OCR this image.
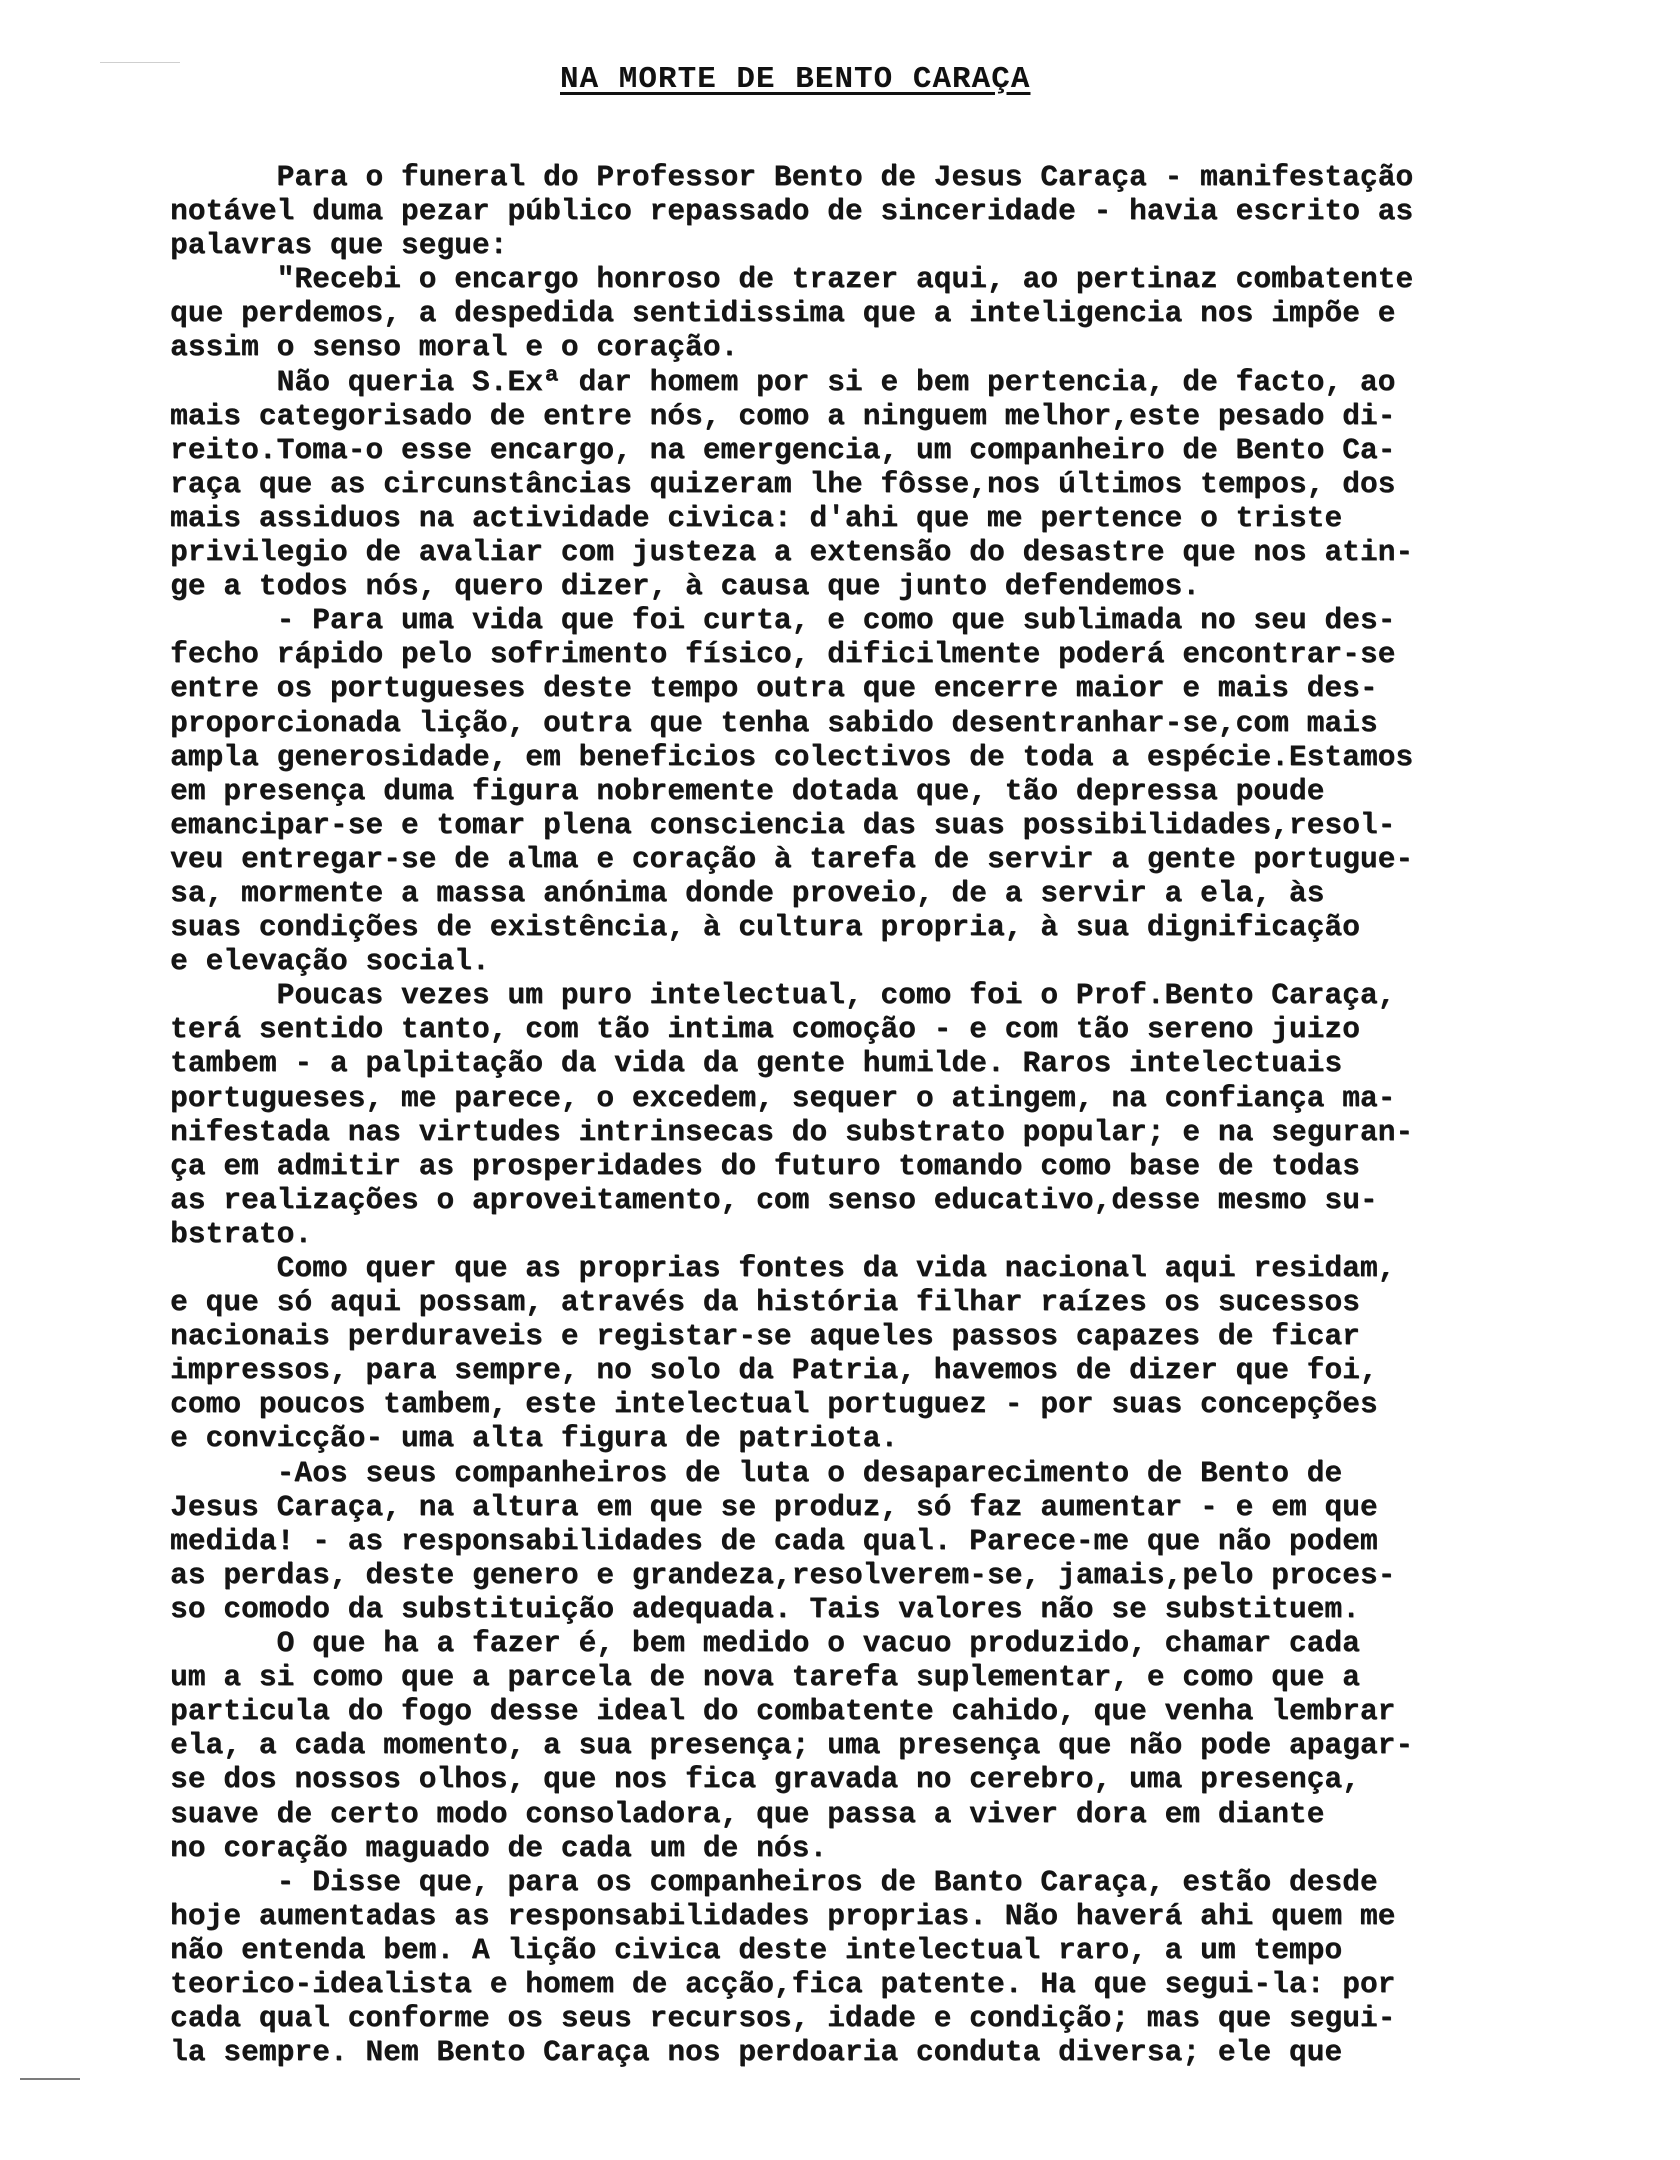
NA MORTE DE BENTO CARAÇA
Para o funeral do Professor Bento de Jesus Caraça - manifestação
notável duma pezar público repassado de sinceridade - havia escrito as
palavras que segue:
"Recebi o encargo honroso de trazer aqui, ao pertinaz combatente
que perdemos, a despedida sentidissima que a inteligencia nos impõe e
assim o senso moral e o coração.
Não queria S.Exª dar homem por si e bem pertencia, de facto, ao
mais categorisado de entre nós, como a ninguem melhor,este pesado di-
reito.Toma-o esse encargo, na emergencia, um companheiro de Bento Ca-
raça que as circunstâncias quizeram lhe fôsse,nos últimos tempos, dos
mais assiduos na actividade civica: d'ahi que me pertence o triste
privilegio de avaliar com justeza a extensão do desastre que nos atin-
ge a todos nós, quero dizer, à causa que junto defendemos.
- Para uma vida que foi curta, e como que sublimada no seu des-
fecho rápido pelo sofrimento físico, dificilmente poderá encontrar-se
entre os portugueses deste tempo outra que encerre maior e mais des-
proporcionada lição, outra que tenha sabido desentranhar-se,com mais
ampla generosidade, em beneficios colectivos de toda a espécie.Estamos
em presença duma figura nobremente dotada que, tão depressa poude
emancipar-se e tomar plena consciencia das suas possibilidades,resol-
veu entregar-se de alma e coração à tarefa de servir a gente portugue-
sa, mormente a massa anónima donde proveio, de a servir a ela, às
suas condições de existência, à cultura propria, à sua dignificação
e elevação social.
Poucas vezes um puro intelectual, como foi o Prof.Bento Caraça,
terá sentido tanto, com tão intima comoção - e com tão sereno juizo
tambem - a palpitação da vida da gente humilde. Raros intelectuais
portugueses, me parece, o excedem, sequer o atingem, na confiança ma-
nifestada nas virtudes intrinsecas do substrato popular; e na seguran-
ça em admitir as prosperidades do futuro tomando como base de todas
as realizações o aproveitamento, com senso educativo,desse mesmo su-
bstrato.
Como quer que as proprias fontes da vida nacional aqui residam,
e que só aqui possam, através da história filhar raízes os sucessos
nacionais perduraveis e registar-se aqueles passos capazes de ficar
impressos, para sempre, no solo da Patria, havemos de dizer que foi,
como poucos tambem, este intelectual portuguez - por suas concepções
e convicção- uma alta figura de patriota.
-Aos seus companheiros de luta o desaparecimento de Bento de
Jesus Caraça, na altura em que se produz, só faz aumentar - e em que
medida! - as responsabilidades de cada qual. Parece-me que não podem
as perdas, deste genero e grandeza,resolverem-se, jamais,pelo proces-
so comodo da substituição adequada. Tais valores não se substituem.
O que ha a fazer é, bem medido o vacuo produzido, chamar cada
um a si como que a parcela de nova tarefa suplementar, e como que a
particula do fogo desse ideal do combatente cahido, que venha lembrar
ela, a cada momento, a sua presença; uma presença que não pode apagar-
se dos nossos olhos, que nos fica gravada no cerebro, uma presença,
suave de certo modo consoladora, que passa a viver dora em diante
no coração maguado de cada um de nós.
- Disse que, para os companheiros de Banto Caraça, estão desde
hoje aumentadas as responsabilidades proprias. Não haverá ahi quem me
não entenda bem. A lição civica deste intelectual raro, a um tempo
teorico-idealista e homem de acção,fica patente. Ha que segui-la: por
cada qual conforme os seus recursos, idade e condição; mas que segui-
la sempre. Nem Bento Caraça nos perdoaria conduta diversa; ele que
